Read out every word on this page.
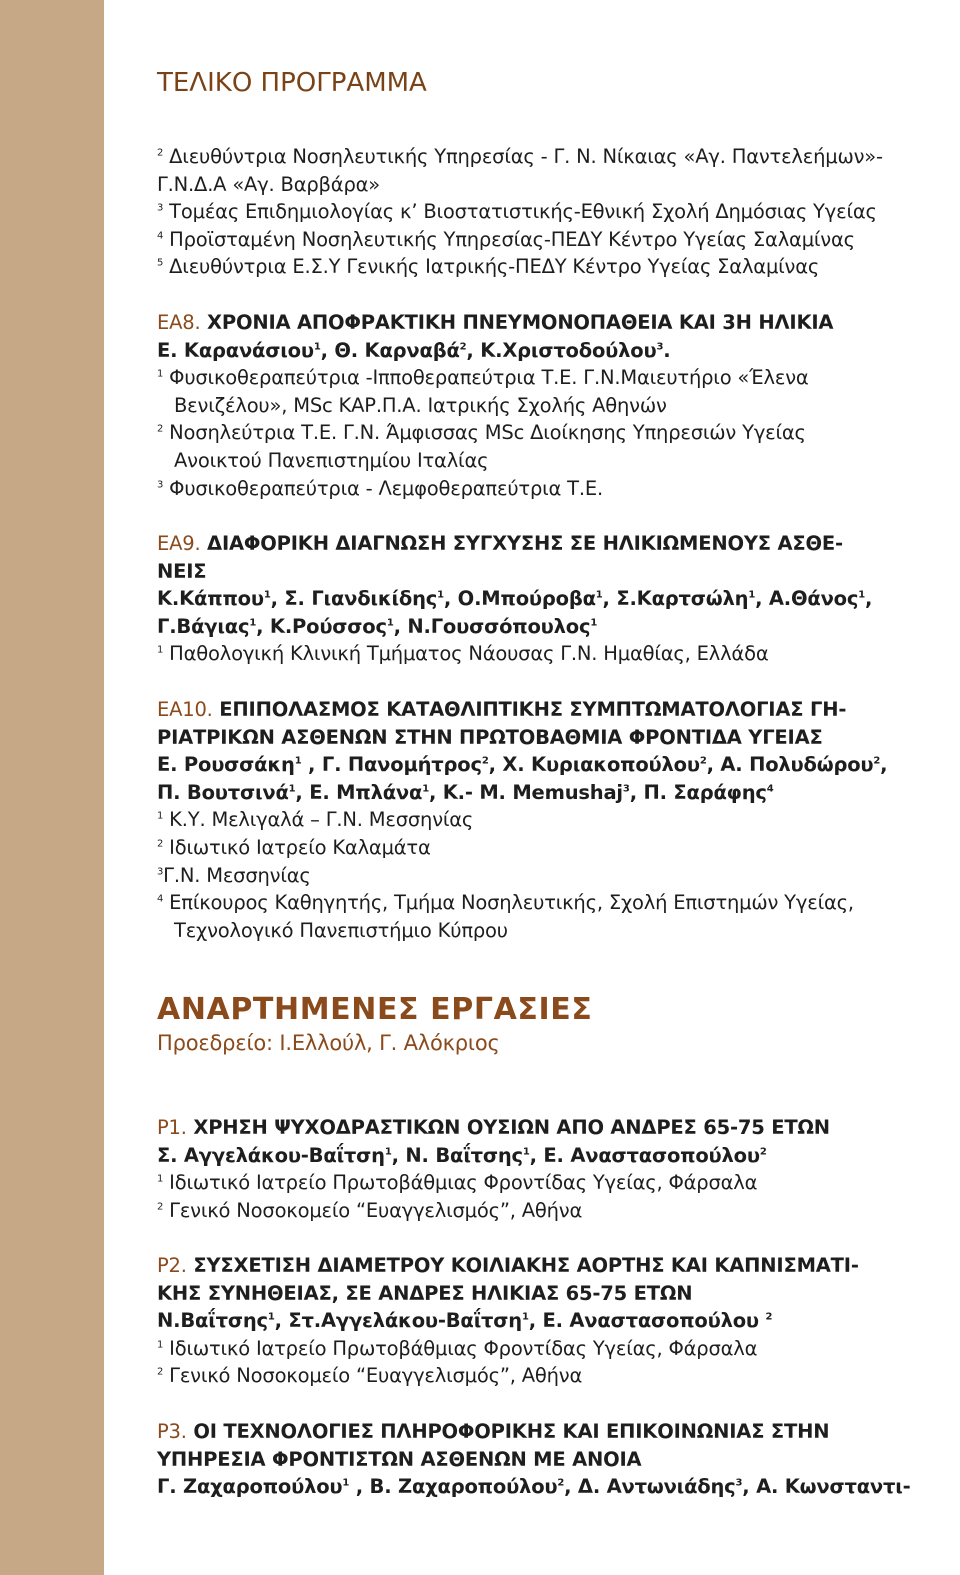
ΤΕΛΙΚΟ ΠΡΟΓΡΑΜΜΑ
$^2$ Διευθύντρια Νοσηλευτικής Υπηρεσίας - Γ. Ν. Νίκαιας «Αγ. Παντελεήμων»-
Γ.Ν.Δ.Α «Αγ. Βαρβάρα»
$^3$ Τομέας Επιδημιολογίας κ’ Βιοστατιστικής-Εθνική Σχολή Δημόσιας Υγείας
$^4$ Προϊσταμένη Νοσηλευτικής Υπηρεσίας-ΠΕΔΥ Κέντρο Υγείας Σαλαμίνας
$^5$ Διευθύντρια Ε.Σ.Υ Γενικής Ιατρικής-ΠΕΔΥ Κέντρο Υγείας Σαλαμίνας
ΕΑ8. ΧΡΟΝΙΑ ΑΠΟΦΡΑΚΤΙΚΗ ΠΝΕΥΜΟΝΟΠΑΘΕΙΑ ΚΑΙ 3Η ΗΛΙΚΙΑ
Ε. Καρανάσιου$^1$, Θ. Καρναβά$^2$, Κ.Χριστοδούλου$^3$.
$^1$ Φυσικοθεραπεύτρια -Ιπποθεραπεύτρια Τ.Ε. Γ.Ν.Μαιευτήριο «Έλενα
Βενιζέλου», MSc ΚΑΡ.Π.Α. Ιατρικής Σχολής Αθηνών
$^2$ Νοσηλεύτρια Τ.Ε. Γ.Ν. Άμφισσας MSc Διοίκησης Υπηρεσιών Υγείας
Ανοικτού Πανεπιστημίου Ιταλίας
$^3$ Φυσικοθεραπεύτρια - Λεμφοθεραπεύτρια Τ.Ε.
ΕΑ9. ΔΙΑΦΟΡΙΚΗ ΔΙΑΓΝΩΣΗ ΣΥΓΧΥΣΗΣ ΣΕ ΗΛΙΚΙΩΜΕΝΟΥΣ ΑΣΘΕ-
ΝΕΙΣ
Κ.Κάππου$^1$, Σ. Γιανδικίδης$^1$, Ο.Μπούροβα$^1$, Σ.Καρτσώλη$^1$, Α.Θάνος$^1$,
Γ.Βάγιας$^1$, Κ.Ρούσσος$^1$, Ν.Γουσσόπουλος$^1$
$^1$ Παθολογική Κλινική Τμήματος Νάουσας Γ.Ν. Ημαθίας, Ελλάδα
ΕΑ10. ΕΠΙΠΟΛΑΣΜΟΣ ΚΑΤΑΘΛΙΠΤΙΚΗΣ ΣΥΜΠΤΩΜΑΤΟΛΟΓΙΑΣ ΓΗ-
ΡΙΑΤΡΙΚΩΝ ΑΣΘΕΝΩΝ ΣΤΗΝ ΠΡΩΤΟΒΑΘΜΙΑ ΦΡΟΝΤΙΔΑ ΥΓΕΙΑΣ
Ε. Ρουσσάκη$^1$ , Γ. Πανομήτρος$^2$, Χ. Κυριακοπούλου$^2$, Α. Πολυδώρου$^2$,
Π. Βουτσινά$^1$, Ε. Μπλάνα$^1$, Κ.- Μ. Memushaj$^3$, Π. Σαράφης$^4$
$^1$ Κ.Υ. Μελιγαλά – Γ.Ν. Μεσσηνίας
$^2$ Ιδιωτικό Ιατρείο Καλαμάτα
$^3$Γ.Ν. Μεσσηνίας
$^4$ Επίκουρος Καθηγητής, Τμήμα Νοσηλευτικής, Σχολή Επιστημών Υγείας,
Τεχνολογικό Πανεπιστήμιο Κύπρου
ΑΝΑΡΤΗΜΕΝΕΣ ΕΡΓΑΣΙΕΣ
Προεδρείο: Ι.Ελλούλ, Γ. Αλόκριος
P1. ΧΡΗΣΗ ΨΥΧΟΔΡΑΣΤΙΚΩΝ ΟΥΣΙΩΝ ΑΠΟ ΑΝΔΡΕΣ 65-75 ΕΤΩΝ
Σ. Αγγελάκου-Βαΐτση$^1$, Ν. Βαΐτσης$^1$, Ε. Αναστασοπούλου$^2$
$^1$ Ιδιωτικό Ιατρείο Πρωτοβάθμιας Φροντίδας Υγείας, Φάρσαλα
$^2$ Γενικό Νοσοκομείο “Ευαγγελισμός”, Αθήνα
P2. ΣΥΣΧΕΤΙΣΗ ΔΙΑΜΕΤΡΟΥ ΚΟΙΛΙΑΚΗΣ ΑΟΡΤΗΣ ΚΑΙ ΚΑΠΝΙΣΜΑΤΙ-
ΚΗΣ ΣΥΝΗΘΕΙΑΣ, ΣΕ ΑΝΔΡΕΣ ΗΛΙΚΙΑΣ 65-75 ΕΤΩΝ
Ν.Βαΐτσης$^1$, Στ.Αγγελάκου-Βαΐτση$^1$, Ε. Αναστασοπούλου $^2$
$^1$ Ιδιωτικό Ιατρείο Πρωτοβάθμιας Φροντίδας Υγείας, Φάρσαλα
$^2$ Γενικό Νοσοκομείο “Ευαγγελισμός”, Αθήνα
P3. ΟΙ ΤΕΧΝΟΛΟΓΙΕΣ ΠΛΗΡΟΦΟΡΙΚΗΣ ΚΑΙ ΕΠΙΚΟΙΝΩΝΙΑΣ ΣΤΗΝ
ΥΠΗΡΕΣΙΑ ΦΡΟΝΤΙΣΤΩΝ ΑΣΘΕΝΩΝ ΜΕ ΑΝΟΙΑ
Γ. Ζαχαροπούλου$^1$ , Β. Ζαχαροπούλου$^2$, Δ. Αντωνιάδης$^3$, Α. Κωνσταντι-
